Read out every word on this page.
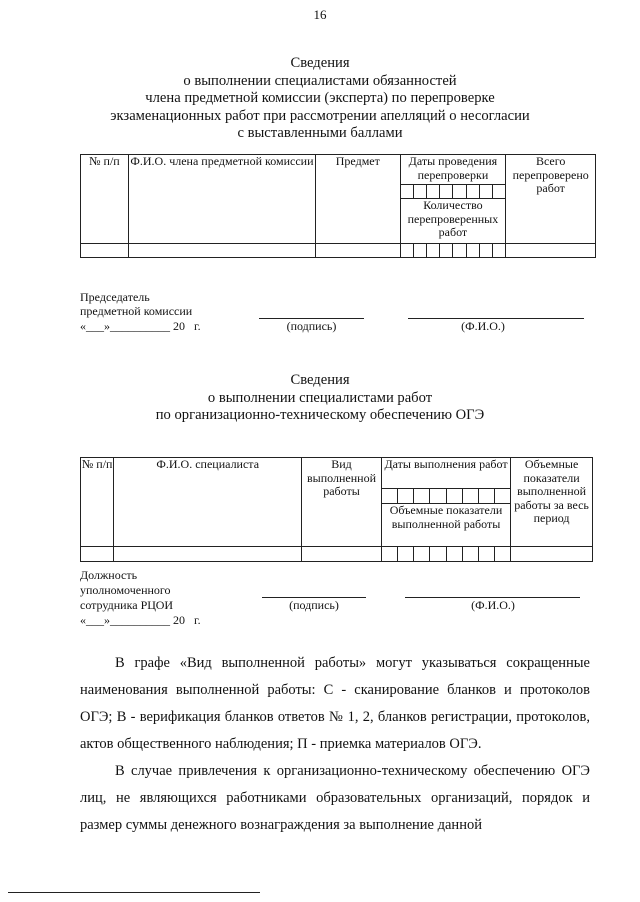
16
Сведения
о выполнении специалистами обязанностей
члена предметной комиссии (эксперта) по перепроверке
экзаменационных работ при рассмотрении апелляций о несогласии
с выставленными баллами
№ п/п	Ф.И.О. члена предметной комиссии	Предмет	Даты проведения перепроверки								Всего перепроверено работ

			Количество перепроверенных работ								

Председатель
предметной комиссии
«___»__________ 20   г.	(подпись)	(Ф.И.О.)
Сведения
о выполнении специалистами работ
по организационно-техническому обеспечению ОГЭ
№ п/п	Ф.И.О. специалиста	Вид выполненной работы	Даты выполнения работ								Объемные показатели выполненной работы за весь период

			Объемные показатели выполненной работы								

Должность
уполномоченного
сотрудника РЦОИ
«___»__________ 20   г.
(подпись)	(Ф.И.О.)
В графе «Вид выполненной работы» могут указываться сокращенные наименования выполненной работы: С - сканирование бланков и протоколов ОГЭ; В - верификация бланков ответов № 1, 2, бланков регистрации, протоколов, актов общественного наблюдения; П - приемка материалов ОГЭ.
В случае привлечения к организационно-техническому обеспечению ОГЭ лиц, не являющихся работниками образовательных организаций, порядок и размер суммы денежного вознаграждения за выполнение данной
